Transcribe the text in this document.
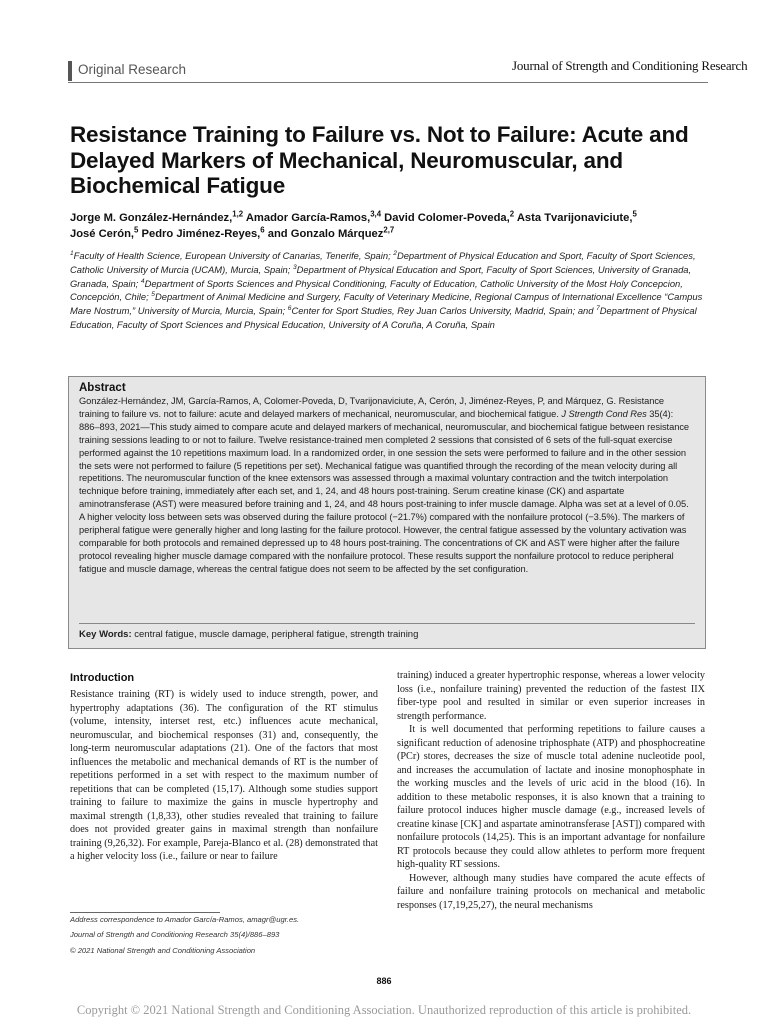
Original Research	Journal of Strength and Conditioning Research
Resistance Training to Failure vs. Not to Failure: Acute and Delayed Markers of Mechanical, Neuromuscular, and Biochemical Fatigue

Jorge M. González-Hernández,$^{1,2}$ Amador García-Ramos,$^{3,4}$ David Colomer-Poveda,$^2$ Asta Tvarijonaviciute,$^5$
José Cerón,$^5$ Pedro Jiménez-Reyes,$^6$ and Gonzalo Márquez$^{2,7}$

$^1$Faculty of Health Science, European University of Canarias, Tenerife, Spain; $^2$Department of Physical Education and Sport, Faculty of Sport Sciences, Catholic University of Murcia (UCAM), Murcia, Spain; $^3$Department of Physical Education and Sport, Faculty of Sport Sciences, University of Granada, Granada, Spain; $^4$Department of Sports Sciences and Physical Conditioning, Faculty of Education, Catholic University of the Most Holy Concepcion, Concepción, Chile; $^5$Department of Animal Medicine and Surgery, Faculty of Veterinary Medicine, Regional Campus of International Excellence “Campus Mare Nostrum,” University of Murcia, Murcia, Spain; $^6$Center for Sport Studies, Rey Juan Carlos University, Madrid, Spain; and $^7$Department of Physical Education, Faculty of Sport Sciences and Physical Education, University of A Coruña, A Coruña, Spain

Abstract

González-Hernández, JM, García-Ramos, A, Colomer-Poveda, D, Tvarijonaviciute, A, Cerón, J, Jiménez-Reyes, P, and Márquez, G. Resistance training to failure vs. not to failure: acute and delayed markers of mechanical, neuromuscular, and biochemical fatigue. J Strength Cond Res 35(4): 886–893, 2021—This study aimed to compare acute and delayed markers of mechanical, neuromuscular, and biochemical fatigue between resistance training sessions leading to or not to failure. Twelve resistance-trained men completed 2 sessions that consisted of 6 sets of the full-squat exercise performed against the 10 repetitions maximum load. In a randomized order, in one session the sets were performed to failure and in the other session the sets were not performed to failure (5 repetitions per set). Mechanical fatigue was quantified through the recording of the mean velocity during all repetitions. The neuromuscular function of the knee extensors was assessed through a maximal voluntary contraction and the twitch interpolation technique before training, immediately after each set, and 1, 24, and 48 hours post-training. Serum creatine kinase (CK) and aspartate aminotransferase (AST) were measured before training and 1, 24, and 48 hours post-training to infer muscle damage. Alpha was set at a level of 0.05. A higher velocity loss between sets was observed during the failure protocol (−21.7%) compared with the nonfailure protocol (−3.5%). The markers of peripheral fatigue were generally higher and long lasting for the failure protocol. However, the central fatigue assessed by the voluntary activation was comparable for both protocols and remained depressed up to 48 hours post-training. The concentrations of CK and AST were higher after the failure protocol revealing higher muscle damage compared with the nonfailure protocol. These results support the nonfailure protocol to reduce peripheral fatigue and muscle damage, whereas the central fatigue does not seem to be affected by the set configuration.

Key Words: central fatigue, muscle damage, peripheral fatigue, strength training

Introduction

Resistance training (RT) is widely used to induce strength, power, and hypertrophy adaptations (36). The configuration of the RT stimulus (volume, intensity, interset rest, etc.) influences acute mechanical, neuromuscular, and biochemical responses (31) and, consequently, the long-term neuromuscular adaptations (21). One of the factors that most influences the metabolic and mechanical demands of RT is the number of repetitions performed in a set with respect to the maximum number of repetitions that can be completed (15,17). Although some studies support training to failure to maximize the gains in muscle hypertrophy and maximal strength (1,8,33), other studies revealed that training to failure does not provided greater gains in maximal strength than nonfailure training (9,26,32). For example, Pareja-Blanco et al. (28) demonstrated that a higher velocity loss (i.e., failure or near to failure

training) induced a greater hypertrophic response, whereas a lower velocity loss (i.e., nonfailure training) prevented the reduction of the fastest IIX fiber-type pool and resulted in similar or even superior increases in strength performance.

It is well documented that performing repetitions to failure causes a significant reduction of adenosine triphosphate (ATP) and phosphocreatine (PCr) stores, decreases the size of muscle total adenine nucleotide pool, and increases the accumulation of lactate and inosine monophosphate in the working muscles and the levels of uric acid in the blood (16). In addition to these metabolic responses, it is also known that a training to failure protocol induces higher muscle damage (e.g., increased levels of creatine kinase [CK] and aspartate aminotransferase [AST]) compared with nonfailure protocols (14,25). This is an important advantage for nonfailure RT protocols because they could allow athletes to perform more frequent high-quality RT sessions.

However, although many studies have compared the acute effects of failure and nonfailure training protocols on mechanical and metabolic responses (17,19,25,27), the neural mechanisms

Address correspondence to Amador García-Ramos, amagr@ugr.es.

Journal of Strength and Conditioning Research 35(4)/886–893

© 2021 National Strength and Conditioning Association

886
Copyright © 2021 National Strength and Conditioning Association. Unauthorized reproduction of this article is prohibited.
